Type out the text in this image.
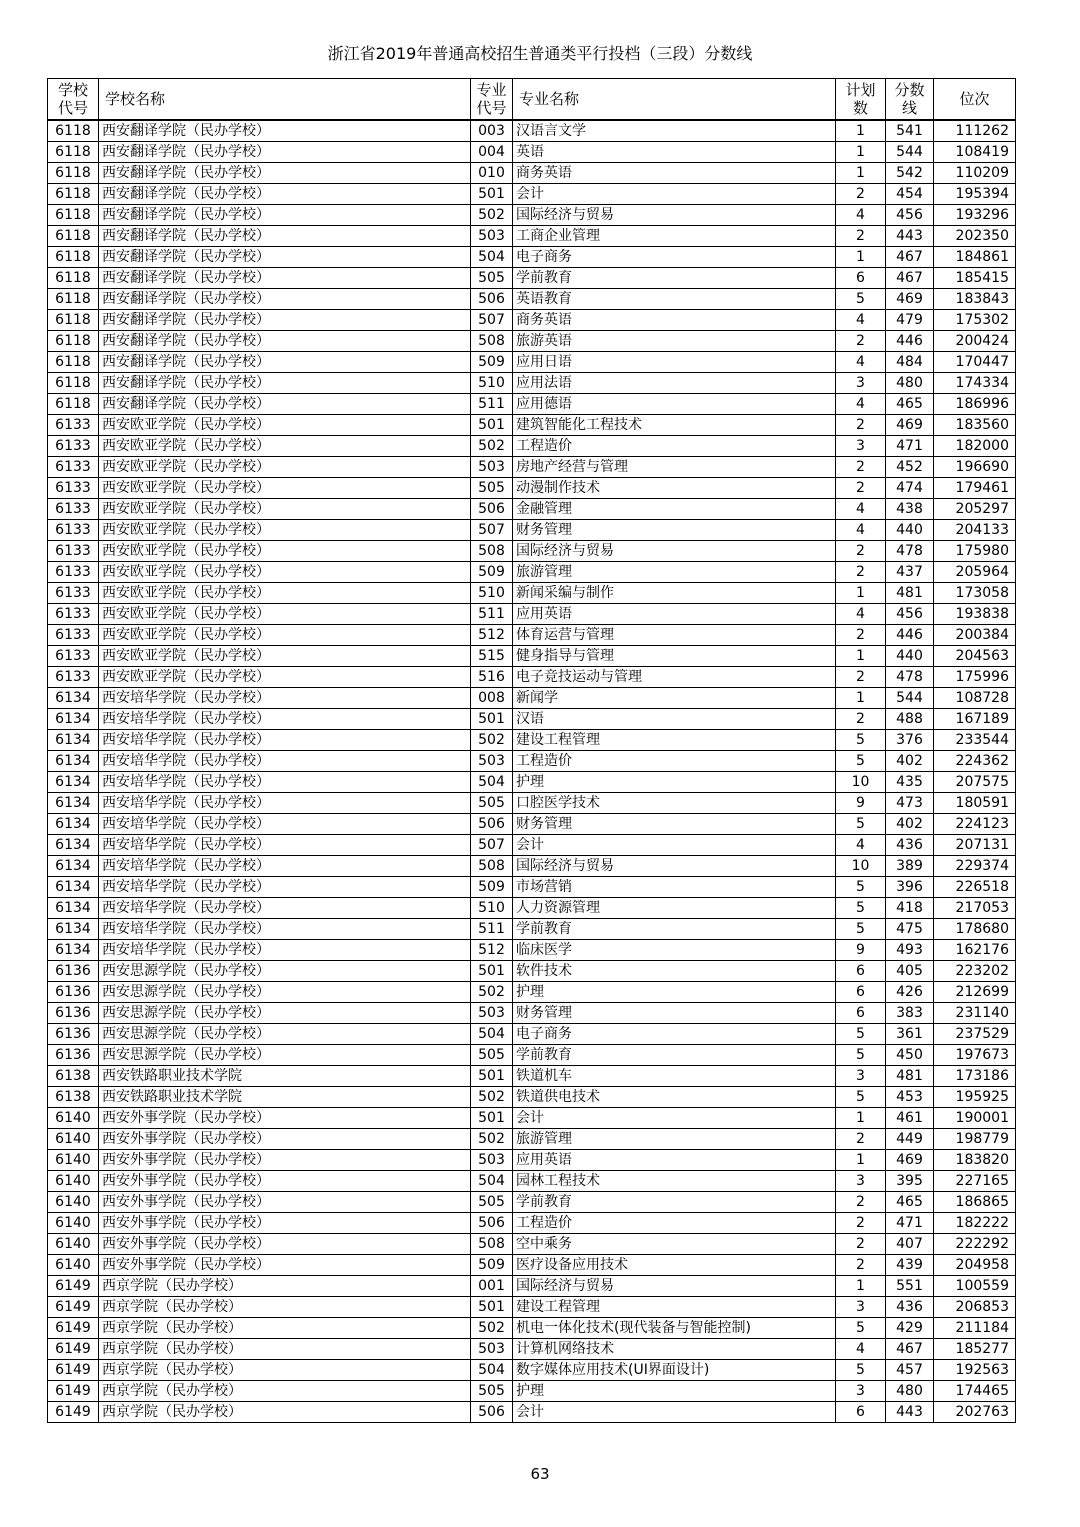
浙江省2019年普通高校招生普通类平行投档（三段）分数线
学校代号	学校名称	专业代号	专业名称	计划数	分数线	位次
6118	西安翻译学院（民办学校）	003	汉语言文学	1	541	111262
6118	西安翻译学院（民办学校）	004	英语	1	544	108419
6118	西安翻译学院（民办学校）	010	商务英语	1	542	110209
6118	西安翻译学院（民办学校）	501	会计	2	454	195394
6118	西安翻译学院（民办学校）	502	国际经济与贸易	4	456	193296
6118	西安翻译学院（民办学校）	503	工商企业管理	2	443	202350
6118	西安翻译学院（民办学校）	504	电子商务	1	467	184861
6118	西安翻译学院（民办学校）	505	学前教育	6	467	185415
6118	西安翻译学院（民办学校）	506	英语教育	5	469	183843
6118	西安翻译学院（民办学校）	507	商务英语	4	479	175302
6118	西安翻译学院（民办学校）	508	旅游英语	2	446	200424
6118	西安翻译学院（民办学校）	509	应用日语	4	484	170447
6118	西安翻译学院（民办学校）	510	应用法语	3	480	174334
6118	西安翻译学院（民办学校）	511	应用德语	4	465	186996
6133	西安欧亚学院（民办学校）	501	建筑智能化工程技术	2	469	183560
6133	西安欧亚学院（民办学校）	502	工程造价	3	471	182000
6133	西安欧亚学院（民办学校）	503	房地产经营与管理	2	452	196690
6133	西安欧亚学院（民办学校）	505	动漫制作技术	2	474	179461
6133	西安欧亚学院（民办学校）	506	金融管理	4	438	205297
6133	西安欧亚学院（民办学校）	507	财务管理	4	440	204133
6133	西安欧亚学院（民办学校）	508	国际经济与贸易	2	478	175980
6133	西安欧亚学院（民办学校）	509	旅游管理	2	437	205964
6133	西安欧亚学院（民办学校）	510	新闻采编与制作	1	481	173058
6133	西安欧亚学院（民办学校）	511	应用英语	4	456	193838
6133	西安欧亚学院（民办学校）	512	体育运营与管理	2	446	200384
6133	西安欧亚学院（民办学校）	515	健身指导与管理	1	440	204563
6133	西安欧亚学院（民办学校）	516	电子竞技运动与管理	2	478	175996
6134	西安培华学院（民办学校）	008	新闻学	1	544	108728
6134	西安培华学院（民办学校）	501	汉语	2	488	167189
6134	西安培华学院（民办学校）	502	建设工程管理	5	376	233544
6134	西安培华学院（民办学校）	503	工程造价	5	402	224362
6134	西安培华学院（民办学校）	504	护理	10	435	207575
6134	西安培华学院（民办学校）	505	口腔医学技术	9	473	180591
6134	西安培华学院（民办学校）	506	财务管理	5	402	224123
6134	西安培华学院（民办学校）	507	会计	4	436	207131
6134	西安培华学院（民办学校）	508	国际经济与贸易	10	389	229374
6134	西安培华学院（民办学校）	509	市场营销	5	396	226518
6134	西安培华学院（民办学校）	510	人力资源管理	5	418	217053
6134	西安培华学院（民办学校）	511	学前教育	5	475	178680
6134	西安培华学院（民办学校）	512	临床医学	9	493	162176
6136	西安思源学院（民办学校）	501	软件技术	6	405	223202
6136	西安思源学院（民办学校）	502	护理	6	426	212699
6136	西安思源学院（民办学校）	503	财务管理	6	383	231140
6136	西安思源学院（民办学校）	504	电子商务	5	361	237529
6136	西安思源学院（民办学校）	505	学前教育	5	450	197673
6138	西安铁路职业技术学院	501	铁道机车	3	481	173186
6138	西安铁路职业技术学院	502	铁道供电技术	5	453	195925
6140	西安外事学院（民办学校）	501	会计	1	461	190001
6140	西安外事学院（民办学校）	502	旅游管理	2	449	198779
6140	西安外事学院（民办学校）	503	应用英语	1	469	183820
6140	西安外事学院（民办学校）	504	园林工程技术	3	395	227165
6140	西安外事学院（民办学校）	505	学前教育	2	465	186865
6140	西安外事学院（民办学校）	506	工程造价	2	471	182222
6140	西安外事学院（民办学校）	508	空中乘务	2	407	222292
6140	西安外事学院（民办学校）	509	医疗设备应用技术	2	439	204958
6149	西京学院（民办学校）	001	国际经济与贸易	1	551	100559
6149	西京学院（民办学校）	501	建设工程管理	3	436	206853
6149	西京学院（民办学校）	502	机电一体化技术(现代装备与智能控制)	5	429	211184
6149	西京学院（民办学校）	503	计算机网络技术	4	467	185277
6149	西京学院（民办学校）	504	数字媒体应用技术(UI界面设计)	5	457	192563
6149	西京学院（民办学校）	505	护理	3	480	174465
6149	西京学院（民办学校）	506	会计	6	443	202763
63
